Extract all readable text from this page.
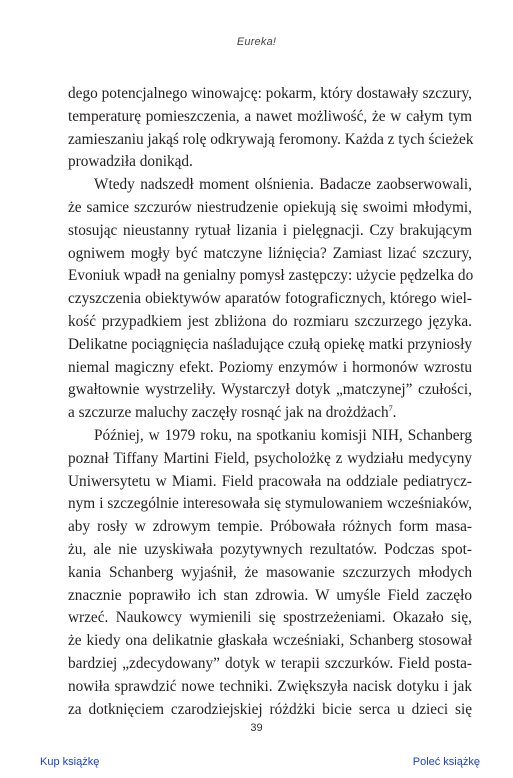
Eureka!
dego potencjalnego winowajcę: pokarm, który dostawały szczury,
temperaturę pomieszczenia, a nawet możliwość, że w całym tym
zamieszaniu jakąś rolę odkrywają feromony. Każda z tych ścieżek
prowadziła donikąd.
Wtedy nadszedł moment olśnienia. Badacze zaobserwowali,
że samice szczurów niestrudzenie opiekują się swoimi młodymi,
stosując nieustanny rytuał lizania i pielęgnacji. Czy brakującym
ogniwem mogły być matczyne liźnięcia? Zamiast lizać szczury,
Evoniuk wpadł na genialny pomysł zastępczy: użycie pędzelka do
czyszczenia obiektywów aparatów fotograficznych, którego wiel-
kość przypadkiem jest zbliżona do rozmiaru szczurzego języka.
Delikatne pociągnięcia naśladujące czułą opiekę matki przyniosły
niemal magiczny efekt. Poziomy enzymów i hormonów wzrostu
gwałtownie wystrzeliły. Wystarczył dotyk „matczynej” czułości,
a szczurze maluchy zaczęły rosnąć jak na drożdżach$^7$.
Później, w 1979 roku, na spotkaniu komisji NIH, Schanberg
poznał Tiffany Martini Field, psycholożkę z wydziału medycyny
Uniwersytetu w Miami. Field pracowała na oddziale pediatrycz-
nym i szczególnie interesowała się stymulowaniem wcześniaków,
aby rosły w zdrowym tempie. Próbowała różnych form masa-
żu, ale nie uzyskiwała pozytywnych rezultatów. Podczas spot-
kania Schanberg wyjaśnił, że masowanie szczurzych młodych
znacznie poprawiło ich stan zdrowia. W umyśle Field zaczęło
wrzeć. Naukowcy wymienili się spostrzeżeniami. Okazało się,
że kiedy ona delikatnie głaskała wcześniaki, Schanberg stosował
bardziej „zdecydowany” dotyk w terapii szczurków. Field posta-
nowiła sprawdzić nowe techniki. Zwiększyła nacisk dotyku i jak
za dotknięciem czarodziejskiej różdżki bicie serca u dzieci się
39
Kup książkę	Poleć książkę
